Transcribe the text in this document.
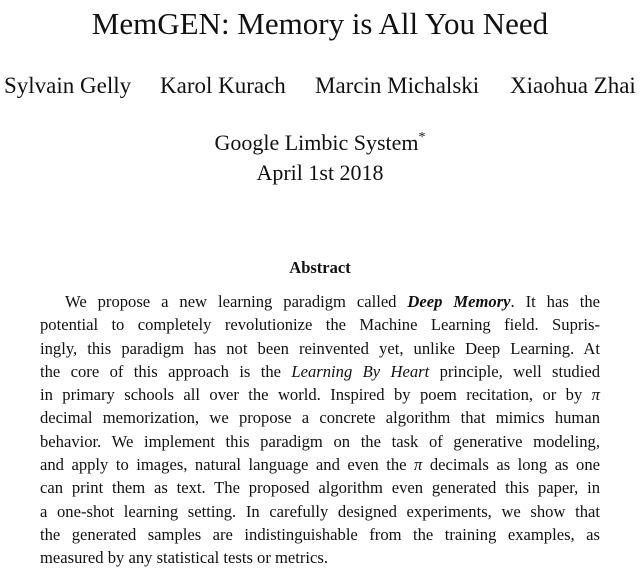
MemGEN: Memory is All You Need
Sylvain Gelly Karol Kurach Marcin Michalski Xiaohua Zhai
Google Limbic System*
April 1st 2018
Abstract
We propose a new learning paradigm called Deep Memory. It has the
potential to completely revolutionize the Machine Learning field. Supris-
ingly, this paradigm has not been reinvented yet, unlike Deep Learning. At
the core of this approach is the Learning By Heart principle, well studied
in primary schools all over the world. Inspired by poem recitation, or by π
decimal memorization, we propose a concrete algorithm that mimics human
behavior. We implement this paradigm on the task of generative modeling,
and apply to images, natural language and even the π decimals as long as one
can print them as text. The proposed algorithm even generated this paper, in
a one-shot learning setting. In carefully designed experiments, we show that
the generated samples are indistinguishable from the training examples, as
measured by any statistical tests or metrics.
